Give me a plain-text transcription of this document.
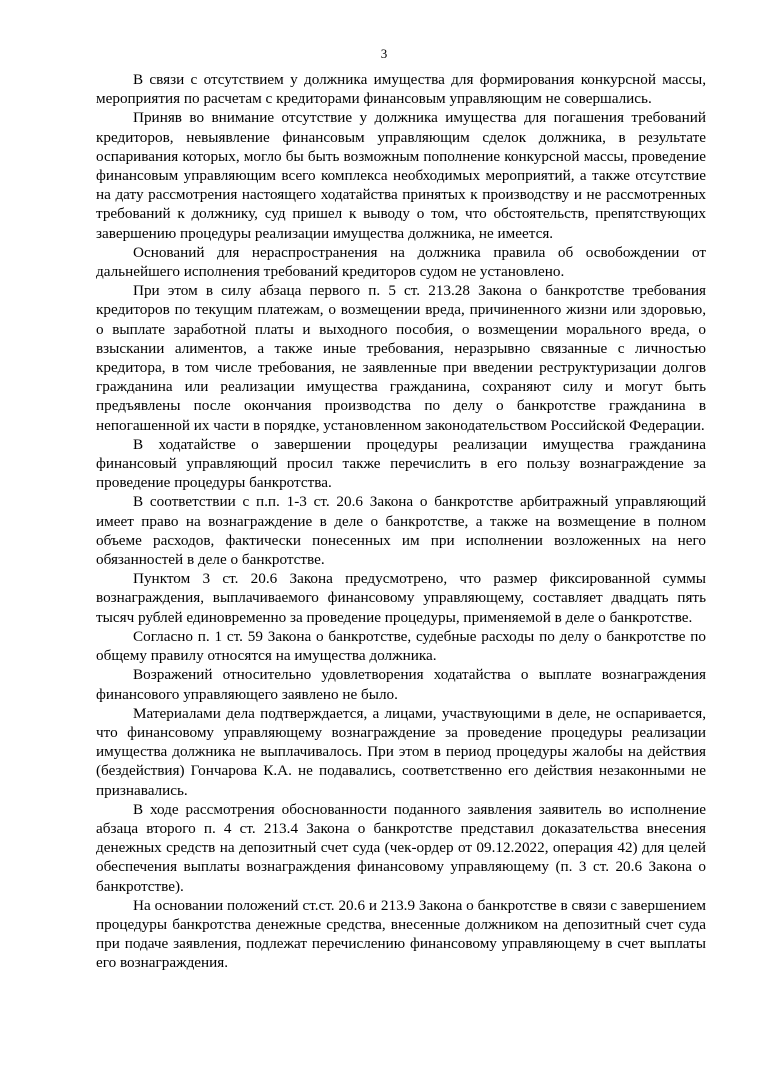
3

В связи с отсутствием у должника имущества для формирования конкурсной массы, мероприятия по расчетам с кредиторами финансовым управляющим не совершались.

Приняв во внимание отсутствие у должника имущества для погашения требований кредиторов, невыявление финансовым управляющим сделок должника, в результате оспаривания которых, могло бы быть возможным пополнение конкурсной массы, проведение финансовым управляющим всего комплекса необходимых мероприятий, а также отсутствие на дату рассмотрения настоящего ходатайства принятых к производству и не рассмотренных требований к должнику, суд пришел к выводу о том, что обстоятельств, препятствующих завершению процедуры реализации имущества должника, не имеется.

Оснований для нераспространения на должника правила об освобождении от дальнейшего исполнения требований кредиторов судом не установлено.

При этом в силу абзаца первого п. 5 ст. 213.28 Закона о банкротстве требования кредиторов по текущим платежам, о возмещении вреда, причиненного жизни или здоровью, о выплате заработной платы и выходного пособия, о возмещении морального вреда, о взыскании алиментов, а также иные требования, неразрывно связанные с личностью кредитора, в том числе требования, не заявленные при введении реструктуризации долгов гражданина или реализации имущества гражданина, сохраняют силу и могут быть предъявлены после окончания производства по делу о банкротстве гражданина в непогашенной их части в порядке, установленном законодательством Российской Федерации.

В ходатайстве о завершении процедуры реализации имущества гражданина финансовый управляющий просил также перечислить в его пользу вознаграждение за проведение процедуры банкротства.

В соответствии с п.п. 1-3 ст. 20.6 Закона о банкротстве арбитражный управляющий имеет право на вознаграждение в деле о банкротстве, а также на возмещение в полном объеме расходов, фактически понесенных им при исполнении возложенных на него обязанностей в деле о банкротстве.

Пунктом 3 ст. 20.6 Закона предусмотрено, что размер фиксированной суммы вознаграждения, выплачиваемого финансовому управляющему, составляет двадцать пять тысяч рублей единовременно за проведение процедуры, применяемой в деле о банкротстве.

Согласно п. 1 ст. 59 Закона о банкротстве, судебные расходы по делу о банкротстве по общему правилу относятся на имущества должника.

Возражений относительно удовлетворения ходатайства о выплате вознаграждения финансового управляющего заявлено не было.

Материалами дела подтверждается, а лицами, участвующими в деле, не оспаривается, что финансовому управляющему вознаграждение за проведение процедуры реализации имущества должника не выплачивалось. При этом в период процедуры жалобы на действия (бездействия) Гончарова К.А. не подавались, соответственно его действия незаконными не признавались.

В ходе рассмотрения обоснованности поданного заявления заявитель во исполнение абзаца второго п. 4 ст. 213.4 Закона о банкротстве представил доказательства внесения денежных средств на депозитный счет суда (чек-ордер от 09.12.2022, операция 42) для целей обеспечения выплаты вознаграждения финансовому управляющему (п. 3 ст. 20.6 Закона о банкротстве).

На основании положений ст.ст. 20.6 и 213.9 Закона о банкротстве в связи с завершением процедуры банкротства денежные средства, внесенные должником на депозитный счет суда при подаче заявления, подлежат перечислению финансовому управляющему в счет выплаты его вознаграждения.
